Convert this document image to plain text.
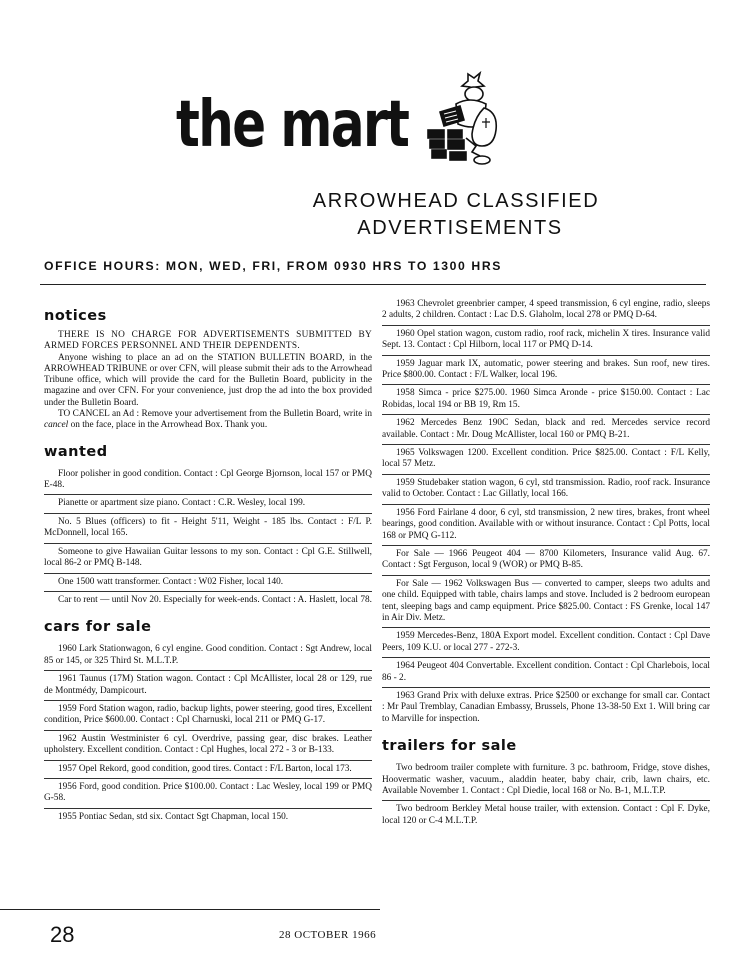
the mart
ARROWHEAD CLASSIFIED
ADVERTISEMENTS
OFFICE HOURS: MON, WED, FRI, FROM 0930 HRS TO 1300 HRS
notices

THERE IS NO CHARGE FOR ADVERTISEMENTS SUBMITTED BY ARMED FORCES PERSONNEL AND THEIR DEPENDENTS.

Anyone wishing to place an ad on the STATION BULLETIN BOARD, in the ARROWHEAD TRIBUNE or over CFN, will please submit their ads to the Arrowhead Tribune office, which will provide the card for the Bulletin Board, publicity in the magazine and over CFN. For your convenience, just drop the ad into the box provided under the Bulletin Board.

TO CANCEL an Ad : Remove your advertisement from the Bulletin Board, write in cancel on the face, place in the Arrowhead Box. Thank you.

wanted
Floor polisher in good condition. Contact : Cpl George Bjornson, local 157 or PMQ E-48.
Pianette or apartment size piano. Contact : C.R. Wesley, local 199.
No. 5 Blues (officers) to fit - Height 5'11, Weight - 185 lbs. Contact : F/L P. McDonnell, local 165.
Someone to give Hawaiian Guitar lessons to my son. Contact : Cpl G.E. Stillwell, local 86-2 or PMQ B-148.
One 1500 watt transformer. Contact : W02 Fisher, local 140.
Car to rent — until Nov 20. Especially for week-ends. Contact : A. Haslett, local 78.
cars for sale
1960 Lark Stationwagon, 6 cyl engine. Good condition. Contact : Sgt Andrew, local 85 or 145, or 325 Third St. M.L.T.P.
1961 Taunus (17M) Station wagon. Contact : Cpl McAllister, local 28 or 129, rue de Montmédy, Dampicourt.
1959 Ford Station wagon, radio, backup lights, power steering, good tires, Excellent condition, Price $600.00. Contact : Cpl Charnuski, local 211 or PMQ G-17.
1962 Austin Westminister 6 cyl. Overdrive, passing gear, disc brakes. Leather upholstery. Excellent condition. Contact : Cpl Hughes, local 272 - 3 or B-133.
1957 Opel Rekord, good condition, good tires. Contact : F/L Barton, local 173.
1956 Ford, good condition. Price $100.00. Contact : Lac Wesley, local 199 or PMQ G-58.
1955 Pontiac Sedan, std six. Contact Sgt Chapman, local 150.
1963 Chevrolet greenbrier camper, 4 speed transmission, 6 cyl engine, radio, sleeps 2 adults, 2 children. Contact : Lac D.S. Glaholm, local 278 or PMQ D-64.
1960 Opel station wagon, custom radio, roof rack, michelin X tires. Insurance valid Sept. 13. Contact : Cpl Hilborn, local 117 or PMQ D-14.
1959 Jaguar mark IX, automatic, power steering and brakes. Sun roof, new tires. Price $800.00. Contact : F/L Walker, local 196.
1958 Simca - price $275.00. 1960 Simca Aronde - price $150.00. Contact : Lac Robidas, local 194 or BB 19, Rm 15.
1962 Mercedes Benz 190C Sedan, black and red. Mercedes service record available. Contact : Mr. Doug McAllister, local 160 or PMQ B-21.
1965 Volkswagen 1200. Excellent condition. Price $825.00. Contact : F/L Kelly, local 57 Metz.
1959 Studebaker station wagon, 6 cyl, std transmission. Radio, roof rack. Insurance valid to October. Contact : Lac Gillatly, local 166.
1956 Ford Fairlane 4 door, 6 cyl, std transmission, 2 new tires, brakes, front wheel bearings, good condition. Available with or without insurance. Contact : Cpl Potts, local 168 or PMQ G-112.
For Sale — 1966 Peugeot 404 — 8700 Kilometers, Insurance valid Aug. 67. Contact : Sgt Ferguson, local 9 (WOR) or PMQ B-85.
For Sale — 1962 Volkswagen Bus — converted to camper, sleeps two adults and one child. Equipped with table, chairs lamps and stove. Included is 2 bedroom european tent, sleeping bags and camp equipment. Price $825.00. Contact : FS Grenke, local 147 in Air Div. Metz.
1959 Mercedes-Benz, 180A Export model. Excellent condition. Contact : Cpl Dave Peers, 109 K.U. or local 277 - 272-3.
1964 Peugeot 404 Convertable. Excellent condition. Contact : Cpl Charlebois, local 86 - 2.
1963 Grand Prix with deluxe extras. Price $2500 or exchange for small car. Contact : Mr Paul Tremblay, Canadian Embassy, Brussels, Phone 13-38-50 Ext 1. Will bring car to Marville for inspection.
trailers for sale
Two bedroom trailer complete with furniture. 3 pc. bathroom, Fridge, stove dishes, Hoovermatic washer, vacuum., aladdin heater, baby chair, crib, lawn chairs, etc. Available November 1. Contact : Cpl Diedie, local 168 or No. B-1, M.L.T.P.
Two bedroom Berkley Metal house trailer, with extension. Contact : Cpl F. Dyke, local 120 or C-4 M.L.T.P.
28	28 OCTOBER 1966
